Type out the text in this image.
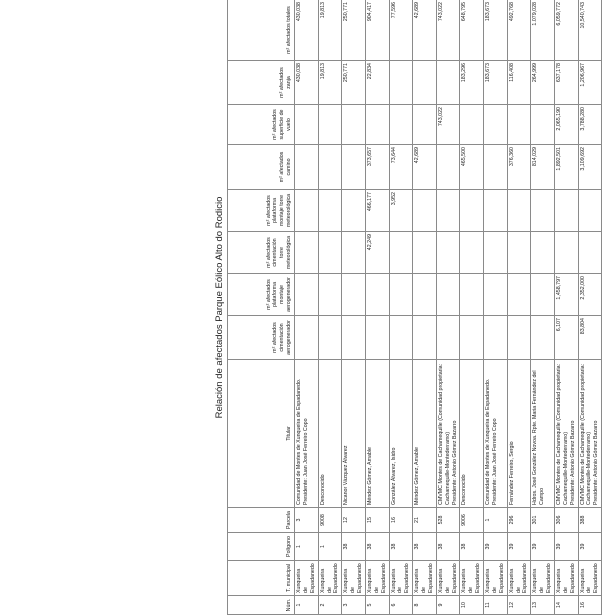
Relación de afectados Parque Eólico Alto do Rodicio
Núm.	T. municipal	Polígono	Parcela	Titular	m² afectados cimentación aerogenerador	m² afectados plataforma montaje aerogenerador	m² afectados cimentación torre meteorológica	m² afectados plataforma montaje torre meteorológica	m² afectados camino	m² afectados superficie de vuelo	m² afectados zanja	m² afectados totales
1	Xunqueira de Espadanedo	1	3	Comunidad de Montes de Xunqueira de Espadanedo.
Presidente: Juan José Ferreiro Copo							430,038	430,038
2	Xunqueira de Espadanedo	1	9008	Desconocido							19,813	19,813
3	Xunqueira de Espadanedo	38	12	Nicanor Vázquez Álvarez							250,771	250,771
5	Xunqueira de Espadanedo	38	15	Méndez Gómez, Amable			42,249	466,177	373,657		22,834	904,417
6	Xunqueira de Espadanedo	38	16	González Álvarez, Isidro				3,952	73,644			77,596
8	Xunqueira de Espadanedo	38	21	Méndez Gómez, Amable					42,689			42,689
9	Xunqueira de Espadanedo	38	528	CMVMC Montes de Cachamequille (Comunidad propietaria: Cachamequille-Montederramo)
Presidente: Antonio Gómez Bazarro						743,022		743,022
10	Xunqueira de Espadanedo	38	9006	Desconocido					465,500		183,296	648,795
11	Xunqueira de Espadanedo	39	1	Comunidad de Montes de Xunqueira de Espadanedo.
Presidente: Juan José Ferreiro Copo							183,673	183,673
12	Xunqueira de Espadanedo	39	296	Fernández Ferreiro, Sergio					376,360		116,408	492,768
13	Xunqueira de Espadanedo	39	301	Hdros. José González Novoa. Rpte. Maria Fernández del Campo					814,029		264,999	1.079,028
14	Xunqueira de Espadanedo	39	306	CMVMC Montes de Cachamequille (Comunidad propietaria: Cachamequille-Montederramo)
Presidente: Antonio Gómez Bazarro	6,107	1,458,797			1,892,501	2,065,190	637,178	6,059,772
16	Xunqueira de Espadanedo	39	388	CMVMC Montes de Cachamequille (Comunidad propietaria: Cachamequille-Montederramo)
Presidente: Antonio Gómez Bazarro	83,804	2,352,000			3,109,692	3,788,280	1,206,967	10,540,743
